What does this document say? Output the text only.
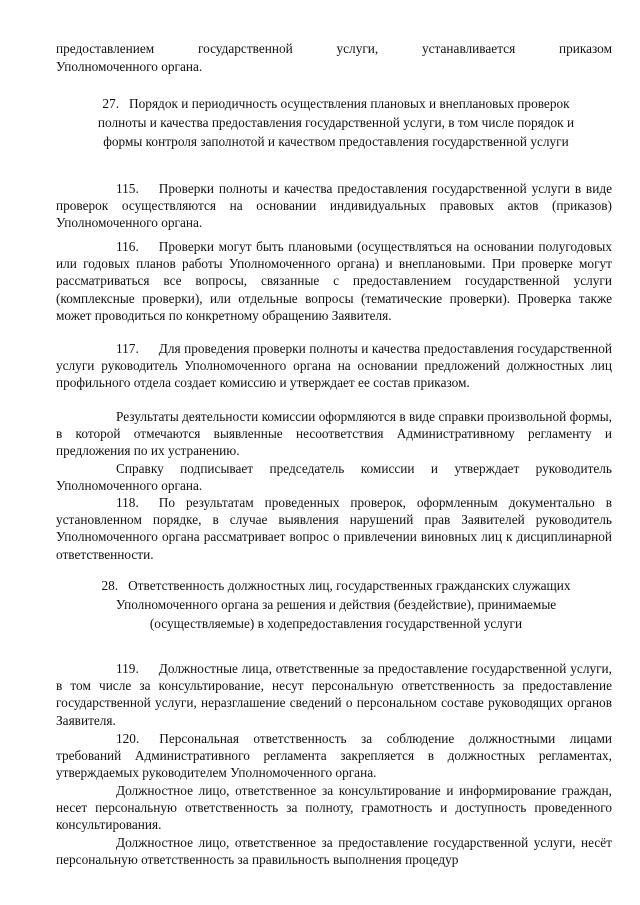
предоставлением государственной услуги, устанавливается приказом

Уполномоченного органа.

27. Порядок и периодичность осуществления плановых и внеплановых проверок полноты и качества предоставления государственной услуги, в том числе порядок и формы контроля заполнотой и качеством предоставления государственной услуги

115. Проверки полноты и качества предоставления государственной услуги в виде проверок осуществляются на основании индивидуальных правовых актов (приказов) Уполномоченного органа.

116. Проверки могут быть плановыми (осуществляться на основании полугодовых или годовых планов работы Уполномоченного органа) и внеплановыми. При проверке могут рассматриваться все вопросы, связанные с предоставлением государственной услуги (комплексные проверки), или отдельные вопросы (тематические проверки). Проверка также может проводиться по конкретному обращению Заявителя.

117. Для проведения проверки полноты и качества предоставления государственной услуги руководитель Уполномоченного органа на основании предложений должностных лиц профильного отдела создает комиссию и утверждает ее состав приказом.

Результаты деятельности комиссии оформляются в виде справки произвольной формы, в которой отмечаются выявленные несоответствия Административному регламенту и предложения по их устранению.

Справку подписывает председатель комиссии и утверждает руководитель Уполномоченного органа.

118. По результатам проведенных проверок, оформленным документально в установленном порядке, в случае выявления нарушений прав Заявителей руководитель Уполномоченного органа рассматривает вопрос о привлечении виновных лиц к дисциплинарной ответственности.

28. Ответственность должностных лиц, государственных гражданских служащих Уполномоченного органа за решения и действия (бездействие), принимаемые (осуществляемые) в ходепредоставления государственной услуги

119. Должностные лица, ответственные за предоставление государственной услуги, в том числе за консультирование, несут персональную ответственность за предоставление государственной услуги, неразглашение сведений о персональном составе руководящих органов Заявителя.

120. Персональная ответственность за соблюдение должностными лицами требований Административного регламента закрепляется в должностных регламентах, утверждаемых руководителем Уполномоченного органа.

Должностное лицо, ответственное за консультирование и информирование граждан, несет персональную ответственность за полноту, грамотность и доступность проведенного консультирования.

Должностное лицо, ответственное за предоставление государственной услуги, несёт персональную ответственность за правильность выполнения процедур
